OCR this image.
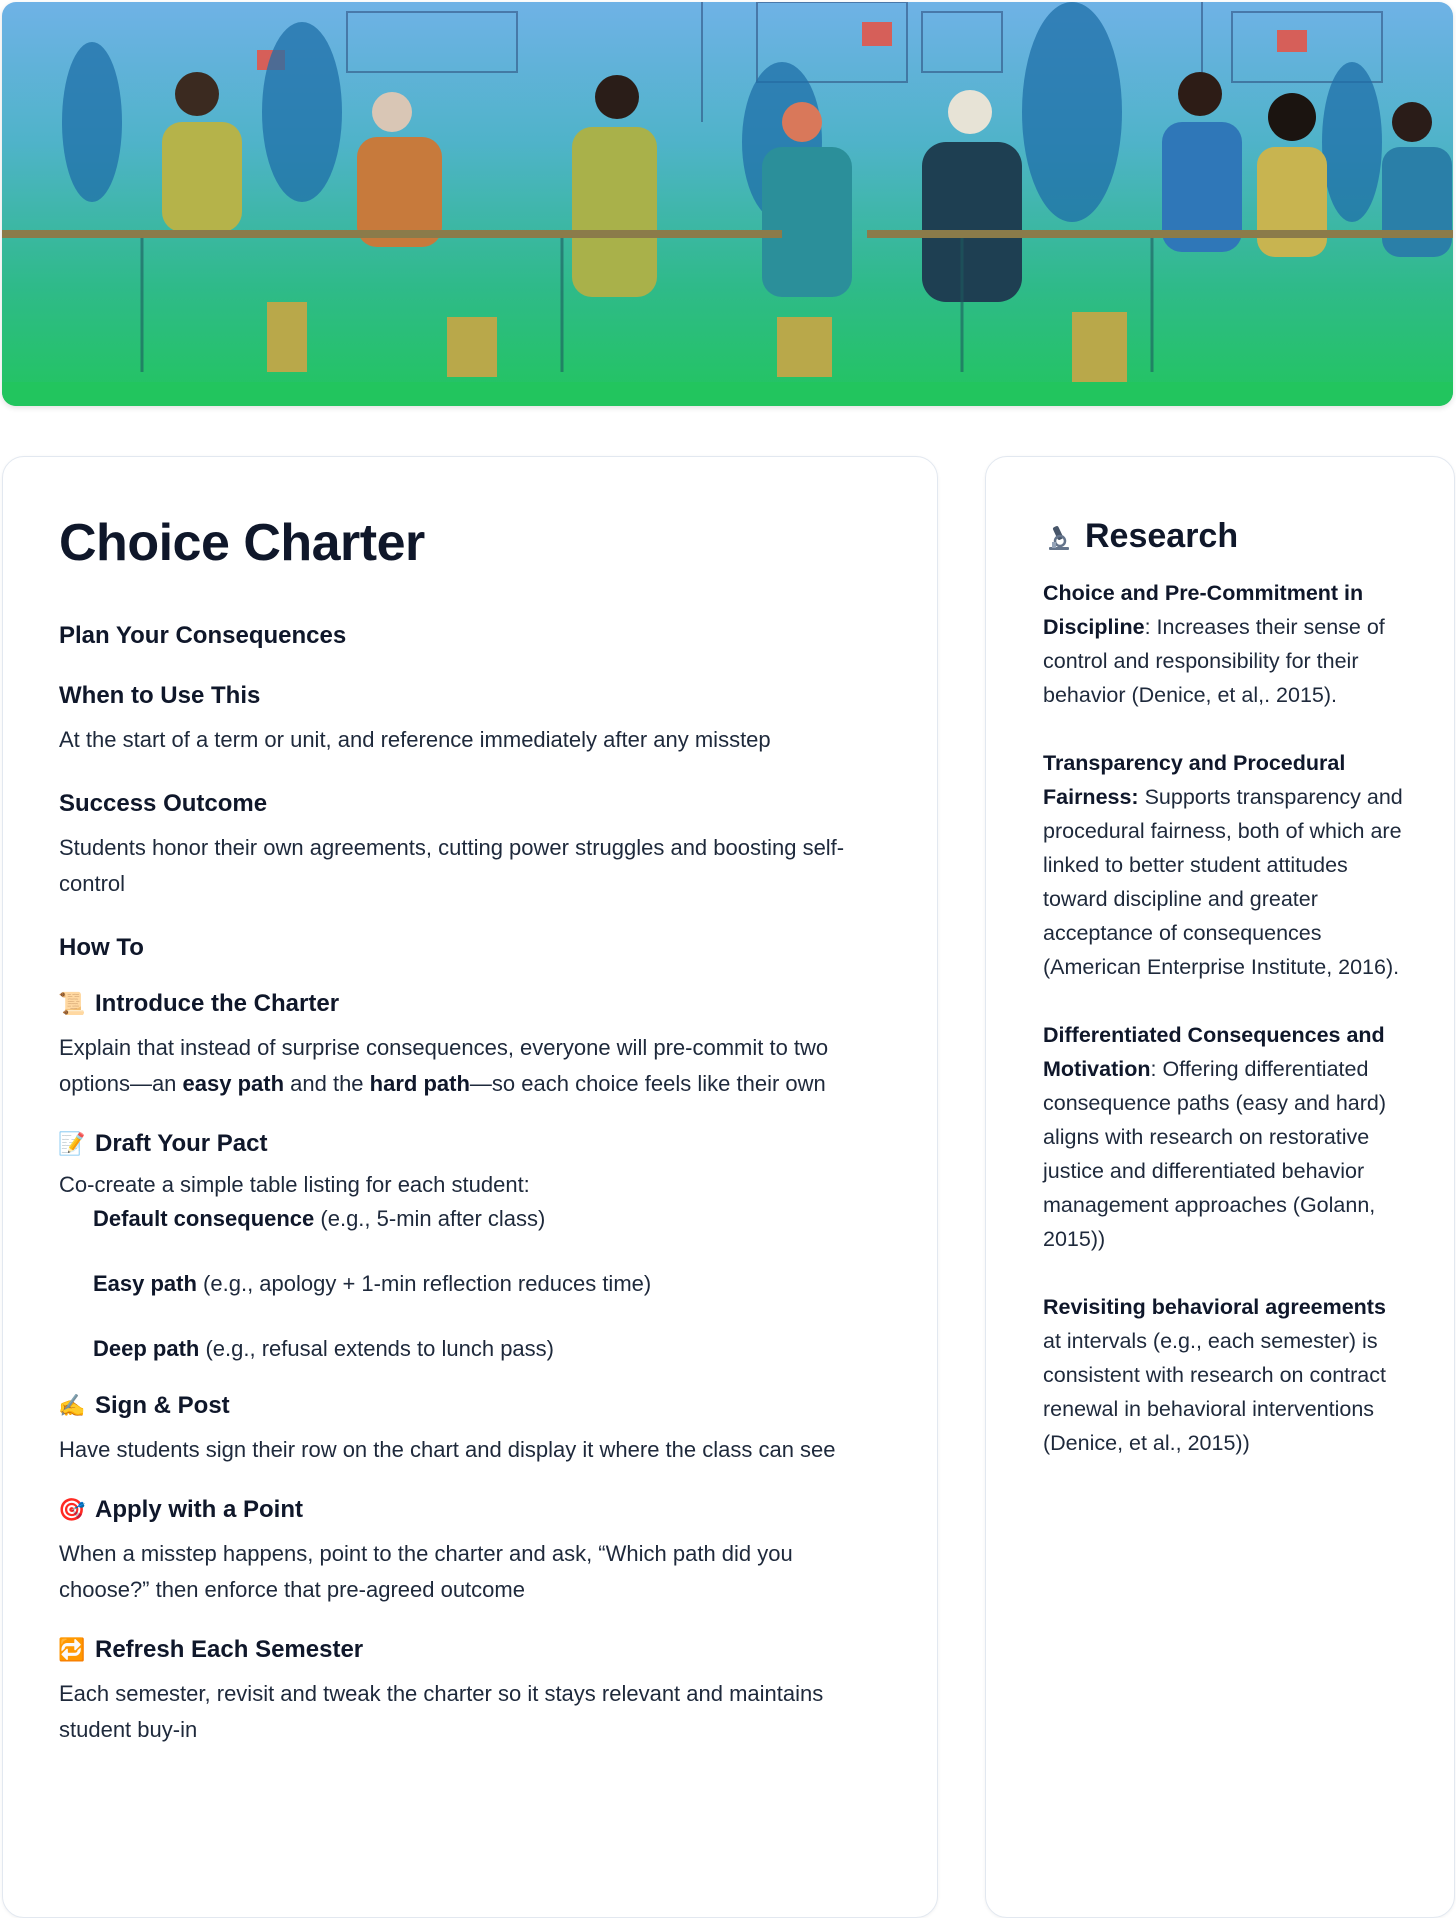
Choice Charter
Plan Your Consequences
When to Use This
At the start of a term or unit, and reference immediately after any misstep
Success Outcome
Students honor their own agreements, cutting power struggles and boosting self-control
How To
📜 Introduce the Charter
Explain that instead of surprise consequences, everyone will pre-commit to two options—an easy path and the hard path—so each choice feels like their own
📝 Draft Your Pact
Co-create a simple table listing for each student:
Default consequence (e.g., 5-min after class)
Easy path (e.g., apology + 1-min reflection reduces time)
Deep path (e.g., refusal extends to lunch pass)
✍️ Sign & Post
Have students sign their row on the chart and display it where the class can see
🎯 Apply with a Point
When a misstep happens, point to the charter and ask, “Which path did you choose?” then enforce that pre-agreed outcome
🔁 Refresh Each Semester
Each semester, revisit and tweak the charter so it stays relevant and maintains student buy-in
Research
Choice and Pre-Commitment in Discipline: Increases their sense of control and responsibility for their behavior (Denice, et al,. 2015).
Transparency and Procedural Fairness: Supports transparency and procedural fairness, both of which are linked to better student attitudes toward discipline and greater acceptance of consequences (American Enterprise Institute, 2016).
Differentiated Consequences and Motivation: Offering differentiated consequence paths (easy and hard) aligns with research on restorative justice and differentiated behavior management approaches (Golann, 2015))
Revisiting behavioral agreements at intervals (e.g., each semester) is consistent with research on contract renewal in behavioral interventions (Denice, et al., 2015))
